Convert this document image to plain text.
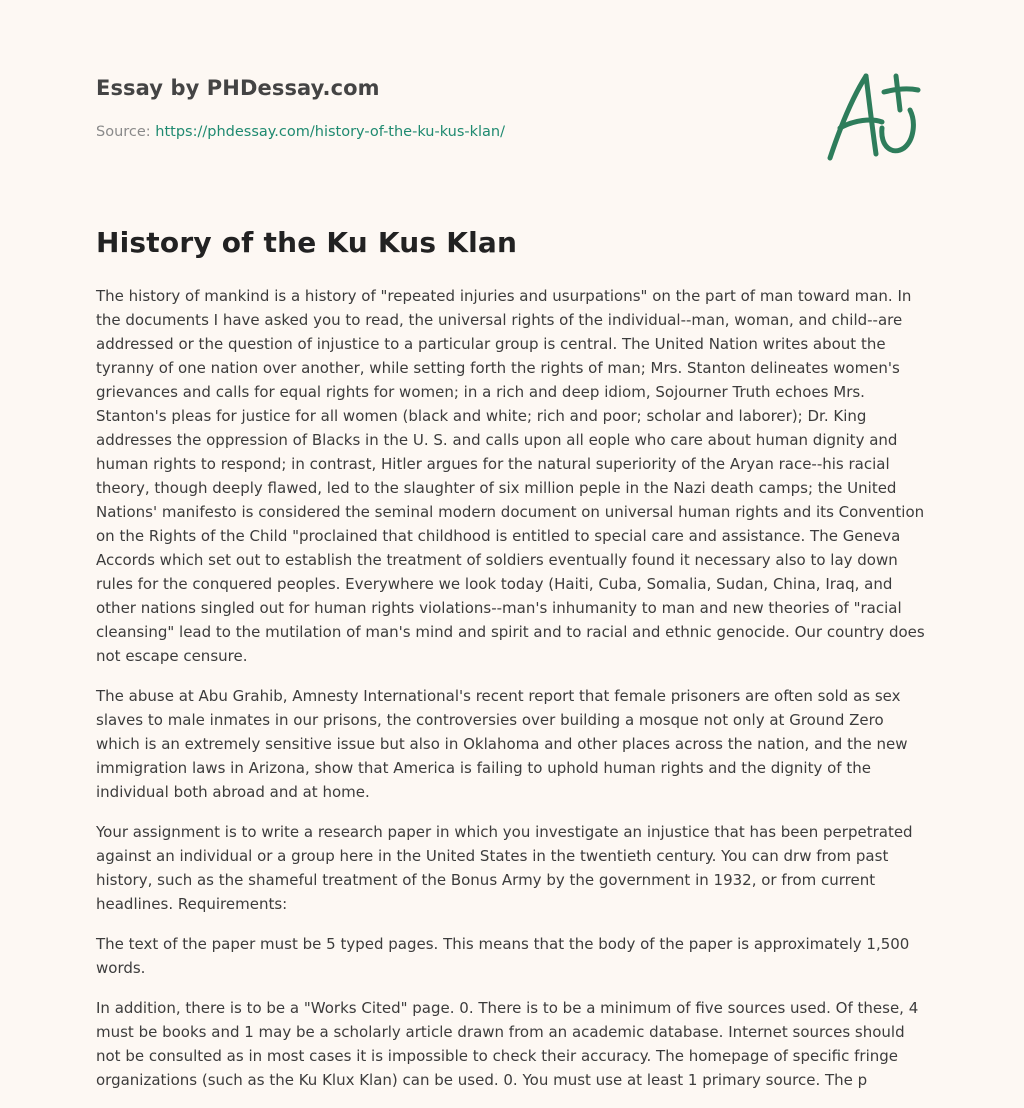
Essay by PHDessay.com
Source: https://phdessay.com/history-of-the-ku-kus-klan/
History of the Ku Kus Klan

The history of mankind is a history of "repeated injuries and usurpations" on the part of man toward man. In the documents I have asked you to read, the universal rights of the individual--man, woman, and child--are addressed or the question of injustice to a particular group is central. The United Nation writes about the tyranny of one nation over another, while setting forth the rights of man; Mrs. Stanton delineates women's grievances and calls for equal rights for women; in a rich and deep idiom, Sojourner Truth echoes Mrs. Stanton's pleas for justice for all women (black and white; rich and poor; scholar and laborer); Dr. King addresses the oppression of Blacks in the U. S. and calls upon all eople who care about human dignity and human rights to respond; in contrast, Hitler argues for the natural superiority of the Aryan race--his racial theory, though deeply flawed, led to the slaughter of six million peple in the Nazi death camps; the United Nations' manifesto is considered the seminal modern document on universal human rights and its Convention on the Rights of the Child "proclained that childhood is entitled to special care and assistance. The Geneva Accords which set out to establish the treatment of soldiers eventually found it necessary also to lay down rules for the conquered peoples. Everywhere we look today (Haiti, Cuba, Somalia, Sudan, China, Iraq, and other nations singled out for human rights violations--man's inhumanity to man and new theories of "racial cleansing" lead to the mutilation of man's mind and spirit and to racial and ethnic genocide. Our country does not escape censure.

The abuse at Abu Grahib, Amnesty International's recent report that female prisoners are often sold as sex slaves to male inmates in our prisons, the controversies over building a mosque not only at Ground Zero which is an extremely sensitive issue but also in Oklahoma and other places across the nation, and the new immigration laws in Arizona, show that America is failing to uphold human rights and the dignity of the individual both abroad and at home.

Your assignment is to write a research paper in which you investigate an injustice that has been perpetrated against an individual or a group here in the United States in the twentieth century. You can drw from past history, such as the shameful treatment of the Bonus Army by the government in 1932, or from current headlines. Requirements:

The text of the paper must be 5 typed pages. This means that the body of the paper is approximately 1,500 words.

In addition, there is to be a "Works Cited" page. 0. There is to be a minimum of five sources used. Of these, 4 must be books and 1 may be a scholarly article drawn from an academic database. Internet sources should not be consulted as in most cases it is impossible to check their accuracy. The homepage of specific fringe organizations (such as the Ku Klux Klan) can be used. 0. You must use at least 1 primary source. The p
